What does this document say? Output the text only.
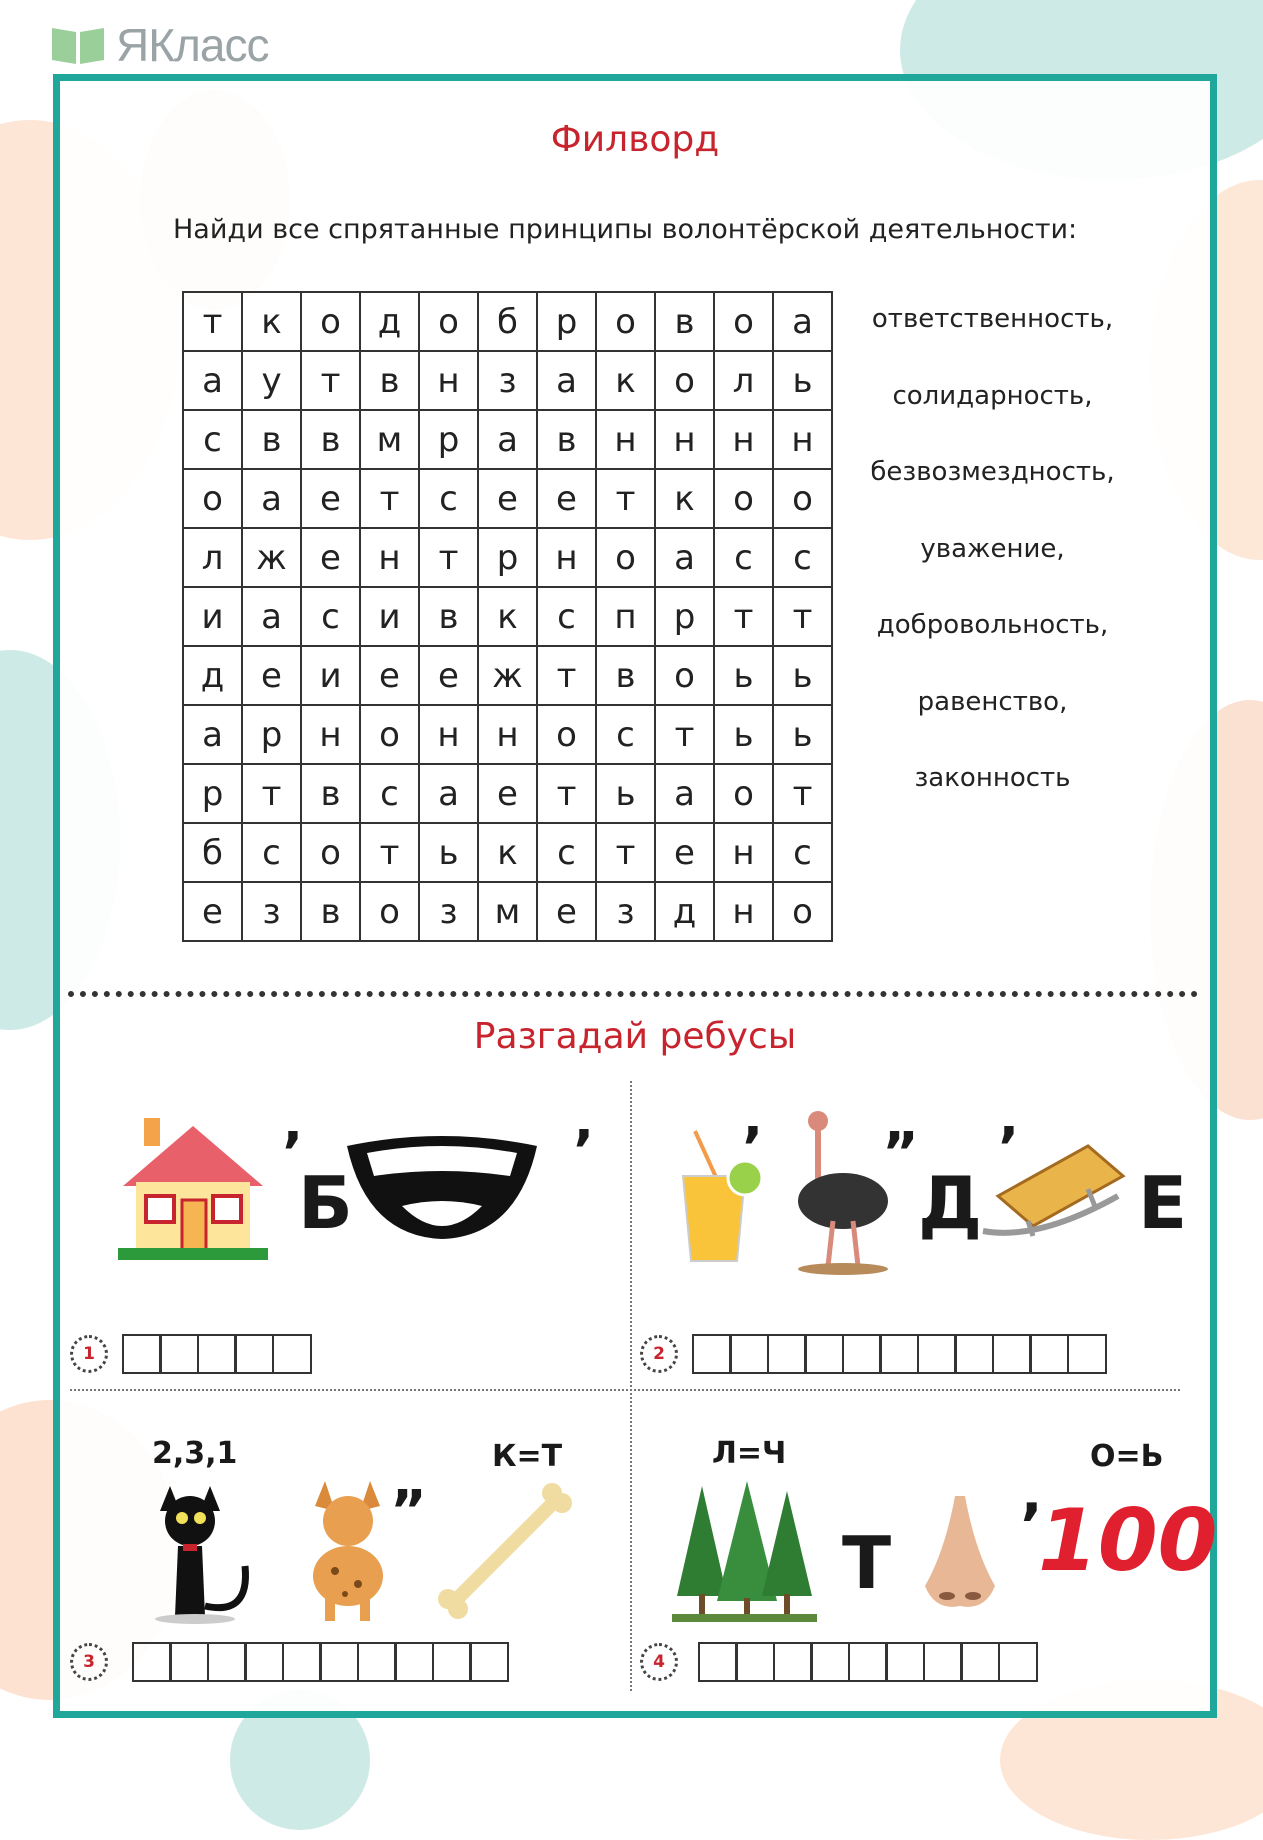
ЯКласс
Филворд
Найди все спрятанные принципы волонтёрской деятельности:
т	к	о	д	о	б	р	о	в	о	а
а	у	т	в	н	з	а	к	о	л	ь
с	в	в	м	р	а	в	н	н	н	н
о	а	е	т	с	е	е	т	к	о	о
л	ж	е	н	т	р	н	о	а	с	с
и	а	с	и	в	к	с	п	р	т	т
д	е	и	е	е	ж	т	в	о	ь	ь
а	р	н	о	н	н	о	с	т	ь	ь
р	т	в	с	а	е	т	ь	а	о	т
б	с	о	т	ь	к	с	т	е	н	с
е	з	в	о	з	м	е	з	д	н	о
ответственность,
солидарность,
безвозмездность,
уважение,
добровольность,
равенство,
законность
Разгадай ребусы
Б
’	’
1
’ ”
Д
’
Е
2
2,3,1
”
К=Т
3
Л=Ч
Т
О=Ь
’
100
4
